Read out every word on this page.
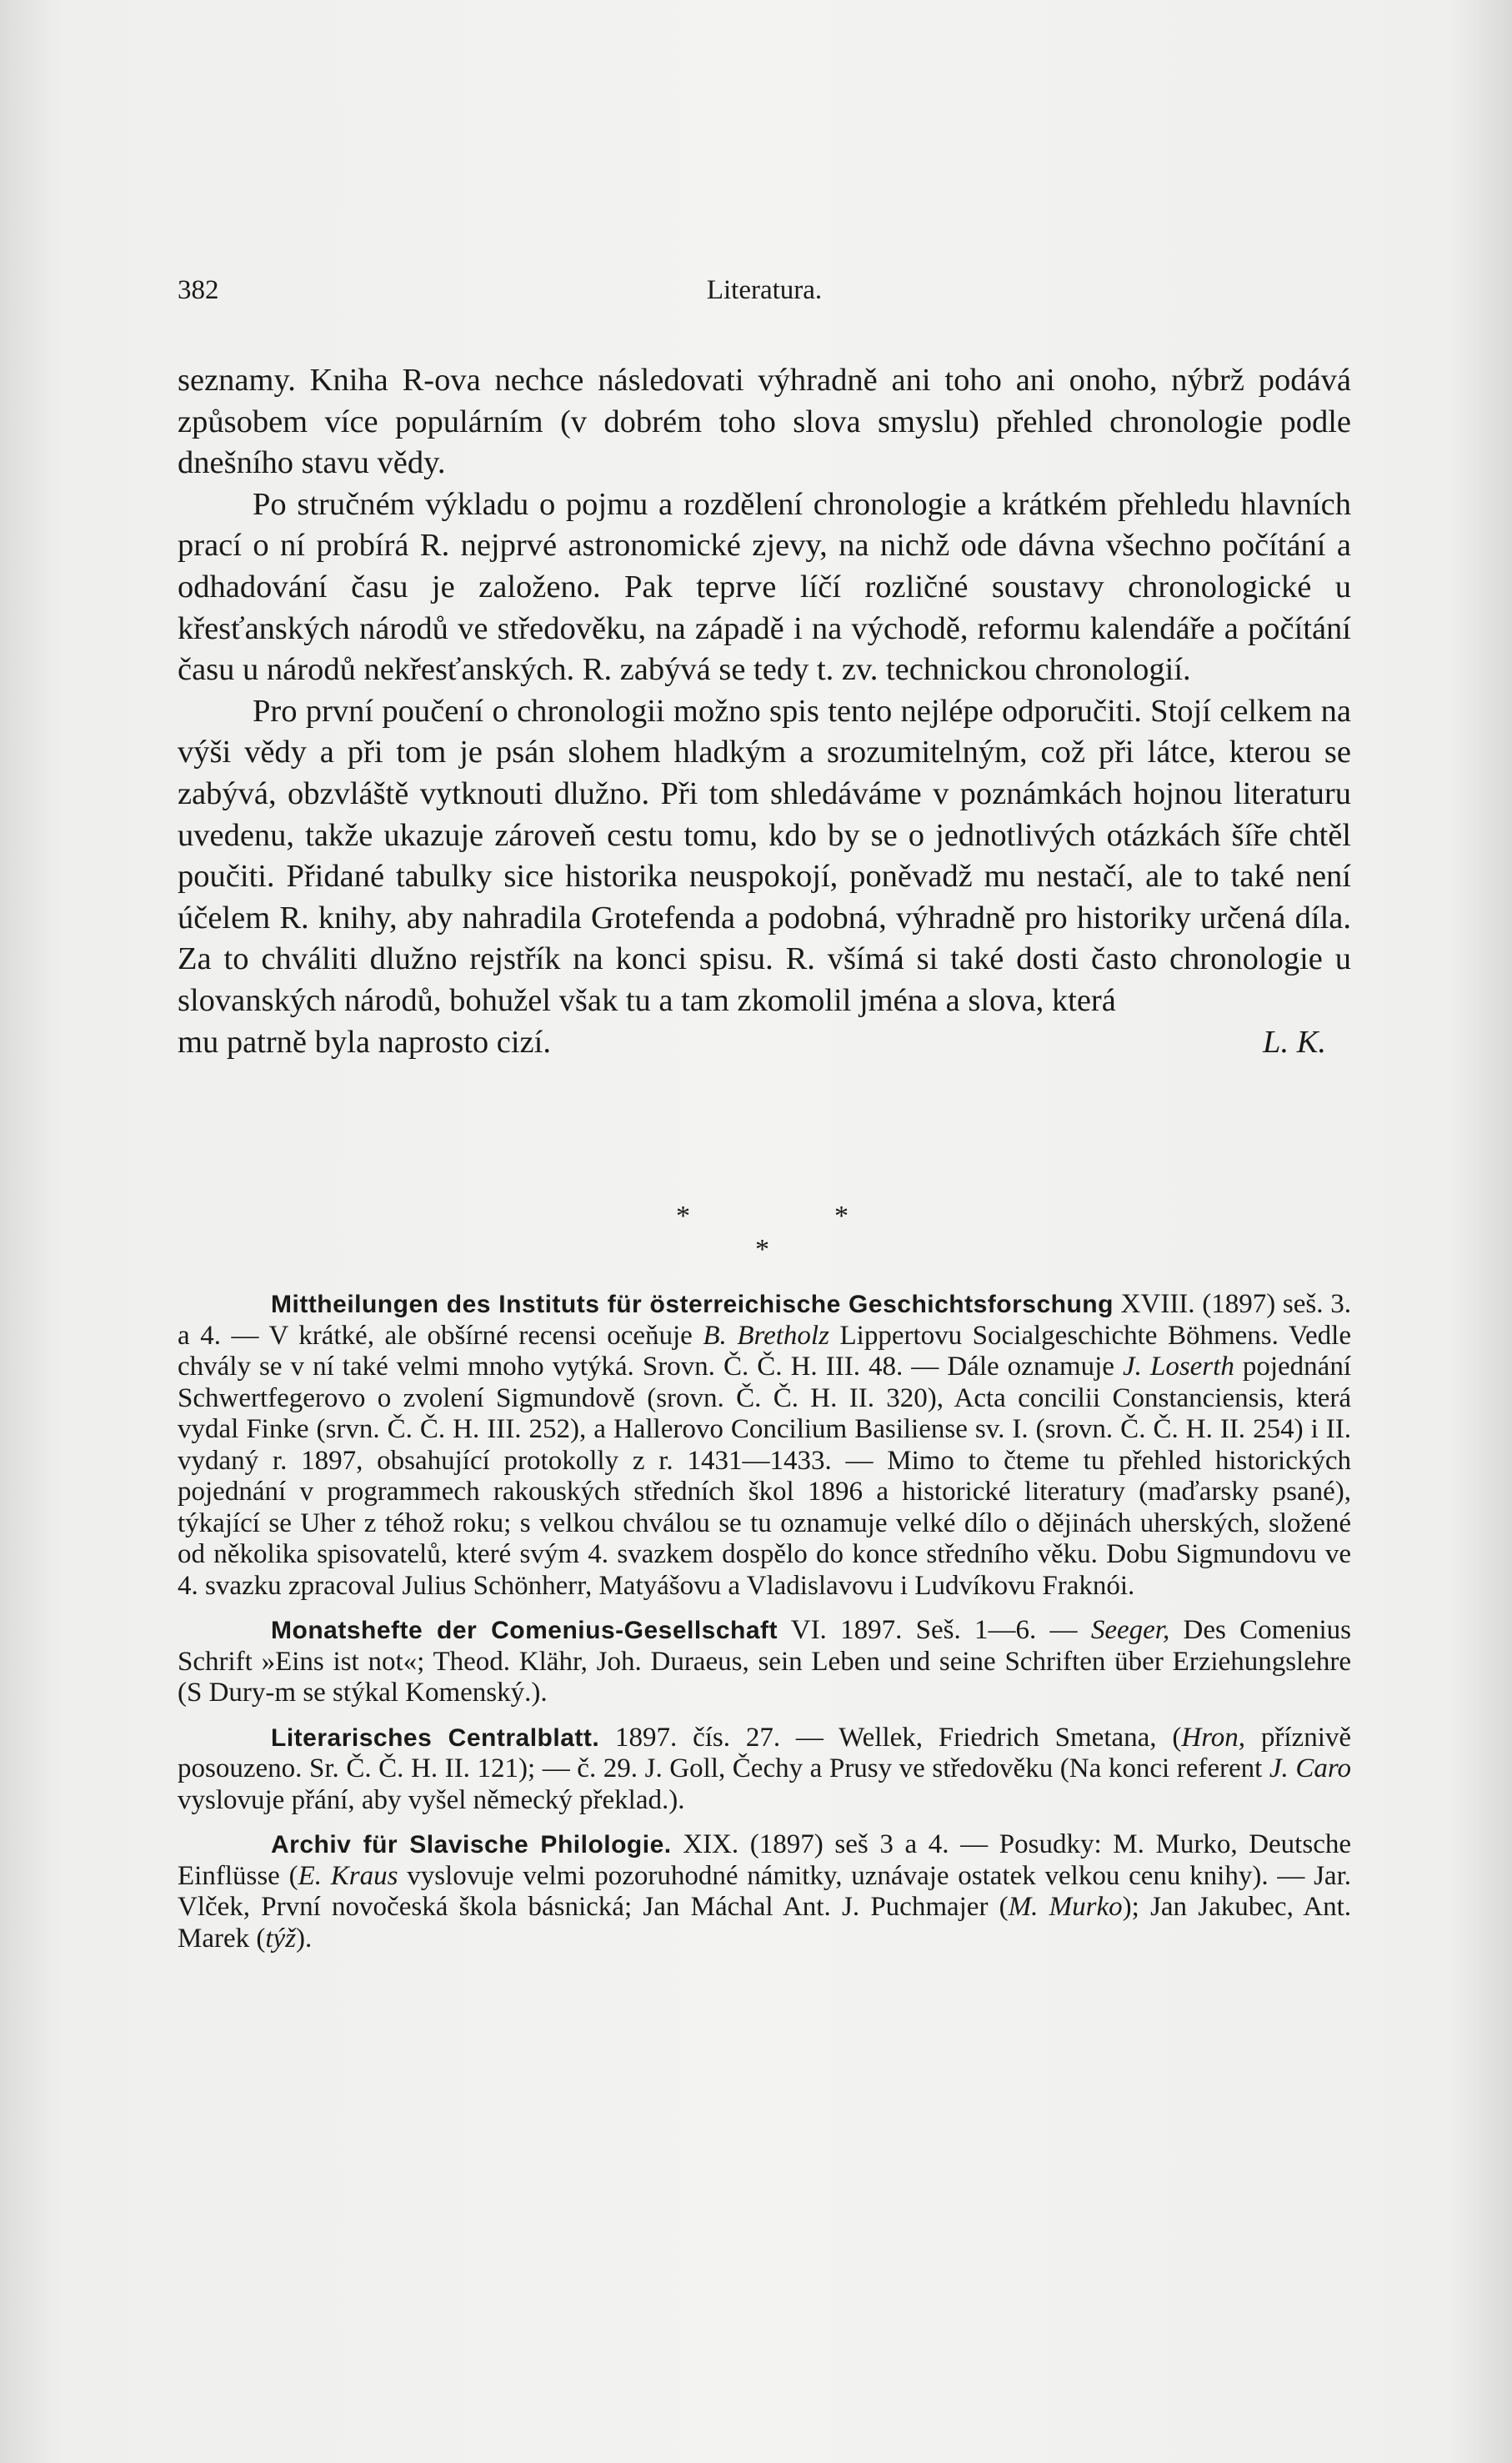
382	Literatura.

seznamy. Kniha R-ova nechce následovati výhradně ani toho ani onoho, nýbrž podává způsobem více populárním (v dobrém toho slova smyslu) přehled chronologie podle dnešního stavu vědy.

Po stručném výkladu o pojmu a rozdělení chronologie a krátkém přehledu hlavních prací o ní probírá R. nejprvé astronomické zjevy, na nichž ode dávna všechno počítání a odhadování času je založeno. Pak teprve líčí rozličné soustavy chronologické u křesťanských národů ve středověku, na západě i na východě, reformu kalendáře a počítání času u národů nekřesťanských. R. zabývá se tedy t. zv. technickou chronologií.

Pro první poučení o chronologii možno spis tento nejlépe odporučiti. Stojí celkem na výši vědy a při tom je psán slohem hladkým a srozumitelným, což při látce, kterou se zabývá, obzvláště vytknouti dlužno. Při tom shledáváme v poznámkách hojnou literaturu uvedenu, takže ukazuje zároveň cestu tomu, kdo by se o jednotlivých otázkách šíře chtěl poučiti. Přidané tabulky sice historika neuspokojí, poněvadž mu nestačí, ale to také není účelem R. knihy, aby nahradila Grotefenda a podobná, výhradně pro historiky určená díla. Za to chváliti dlužno rejstřík na konci spisu. R. všímá si také dosti často chronologie u slovanských národů, bohužel však tu a tam zkomolil jména a slova, která

mu patrně byla naprosto cizí.	L. K.
*	*
*

Mittheilungen des Instituts für österreichische Geschichtsforschung XVIII. (1897) seš. 3. a 4. — V krátké, ale obšírné recensi oceňuje B. Bretholz Lippertovu Socialgeschichte Böhmens. Vedle chvály se v ní také velmi mnoho vytýká. Srovn. Č. Č. H. III. 48. — Dále oznamuje J. Loserth pojednání Schwertfegerovo o zvolení Sigmundově (srovn. Č. Č. H. II. 320), Acta concilii Constanciensis, která vydal Finke (srvn. Č. Č. H. III. 252), a Hallerovo Concilium Basiliense sv. I. (srovn. Č. Č. H. II. 254) i II. vydaný r. 1897, obsahující protokolly z r. 1431—1433. — Mimo to čteme tu přehled historických pojednání v programmech rakouských středních škol 1896 a historické literatury (maďarsky psané), týkající se Uher z téhož roku; s velkou chválou se tu oznamuje velké dílo o dějinách uherských, složené od několika spisovatelů, které svým 4. svazkem dospělo do konce středního věku. Dobu Sigmundovu ve 4. svazku zpracoval Julius Schönherr, Matyášovu a Vladislavovu i Ludvíkovu Fraknói.

Monatshefte der Comenius-Gesellschaft VI. 1897. Seš. 1—6. — Seeger, Des Comenius Schrift »Eins ist not«; Theod. Klähr, Joh. Duraeus, sein Leben und seine Schriften über Erziehungslehre (S Dury-m se stýkal Komenský.).

Literarisches Centralblatt. 1897. čís. 27. — Wellek, Friedrich Smetana, (Hron, příznivě posouzeno. Sr. Č. Č. H. II. 121); — č. 29. J. Goll, Čechy a Prusy ve středověku (Na konci referent J. Caro vyslovuje přání, aby vyšel německý překlad.).

Archiv für Slavische Philologie. XIX. (1897) seš 3 a 4. — Posudky: M. Murko, Deutsche Einflüsse (E. Kraus vyslovuje velmi pozoruhodné námitky, uznávaje ostatek velkou cenu knihy). — Jar. Vlček, První novočeská škola básnická; Jan Máchal Ant. J. Puchmajer (M. Murko); Jan Jakubec, Ant. Marek (týž).
